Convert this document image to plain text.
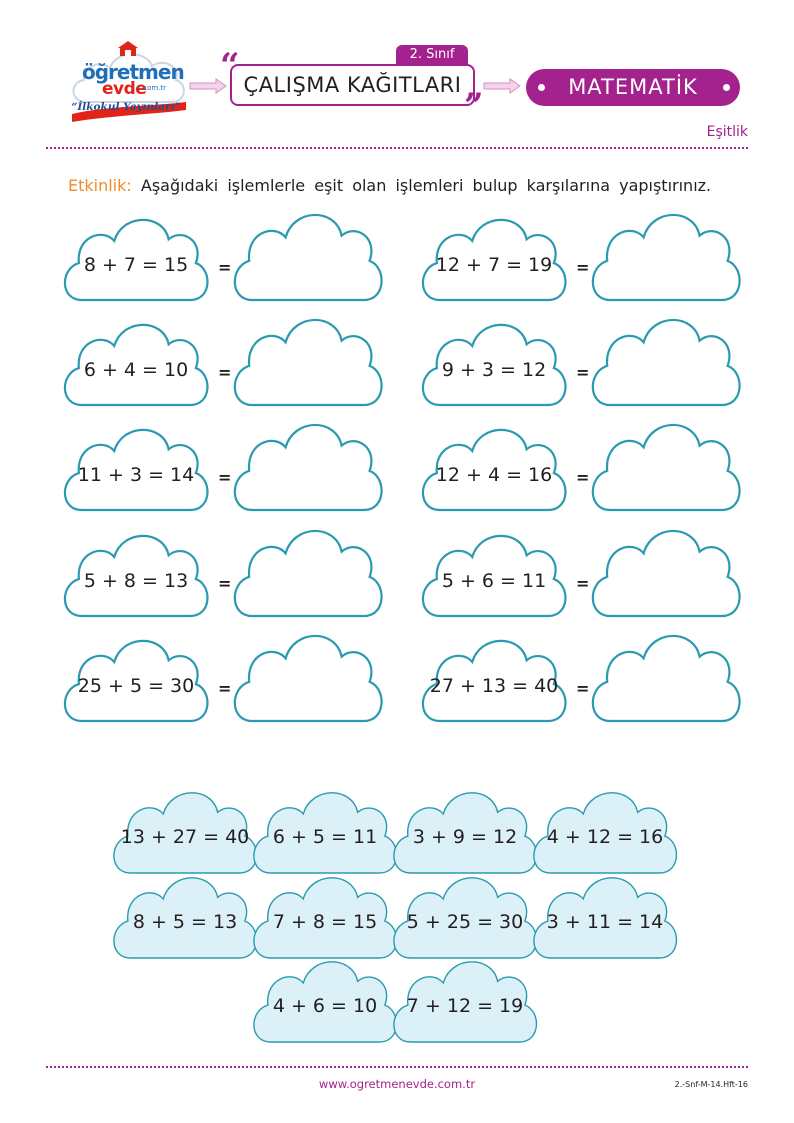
öğretmen
evde
.com.tr
“İlkokul Yayınları”
2. Sınıf
“
”
ÇALIŞMA KAĞITLARI	MATEMATİK
Eşitlik
Etkinlik: Aşağıdaki işlemlerle eşit olan işlemleri bulup karşılarına yapıştırınız.
8 + 7 = 15
6 + 4 = 10
11 + 3 = 14
5 + 8 = 13
25 + 5 = 30
12 + 7 = 19
9 + 3 = 12
12 + 4 = 16
5 + 6 = 11
27 + 13 = 40
=
=
=
=
=
=
=
=
=
=
13 + 27 = 40	6 + 5 = 11	3 + 9 = 12	4 + 12 = 16
8 + 5 = 13	7 + 8 = 15	5 + 25 = 30	3 + 11 = 14
4 + 6 = 10	7 + 12 = 19
www.ogretmenevde.com.tr	2.-Snf-M-14.Hft-16
